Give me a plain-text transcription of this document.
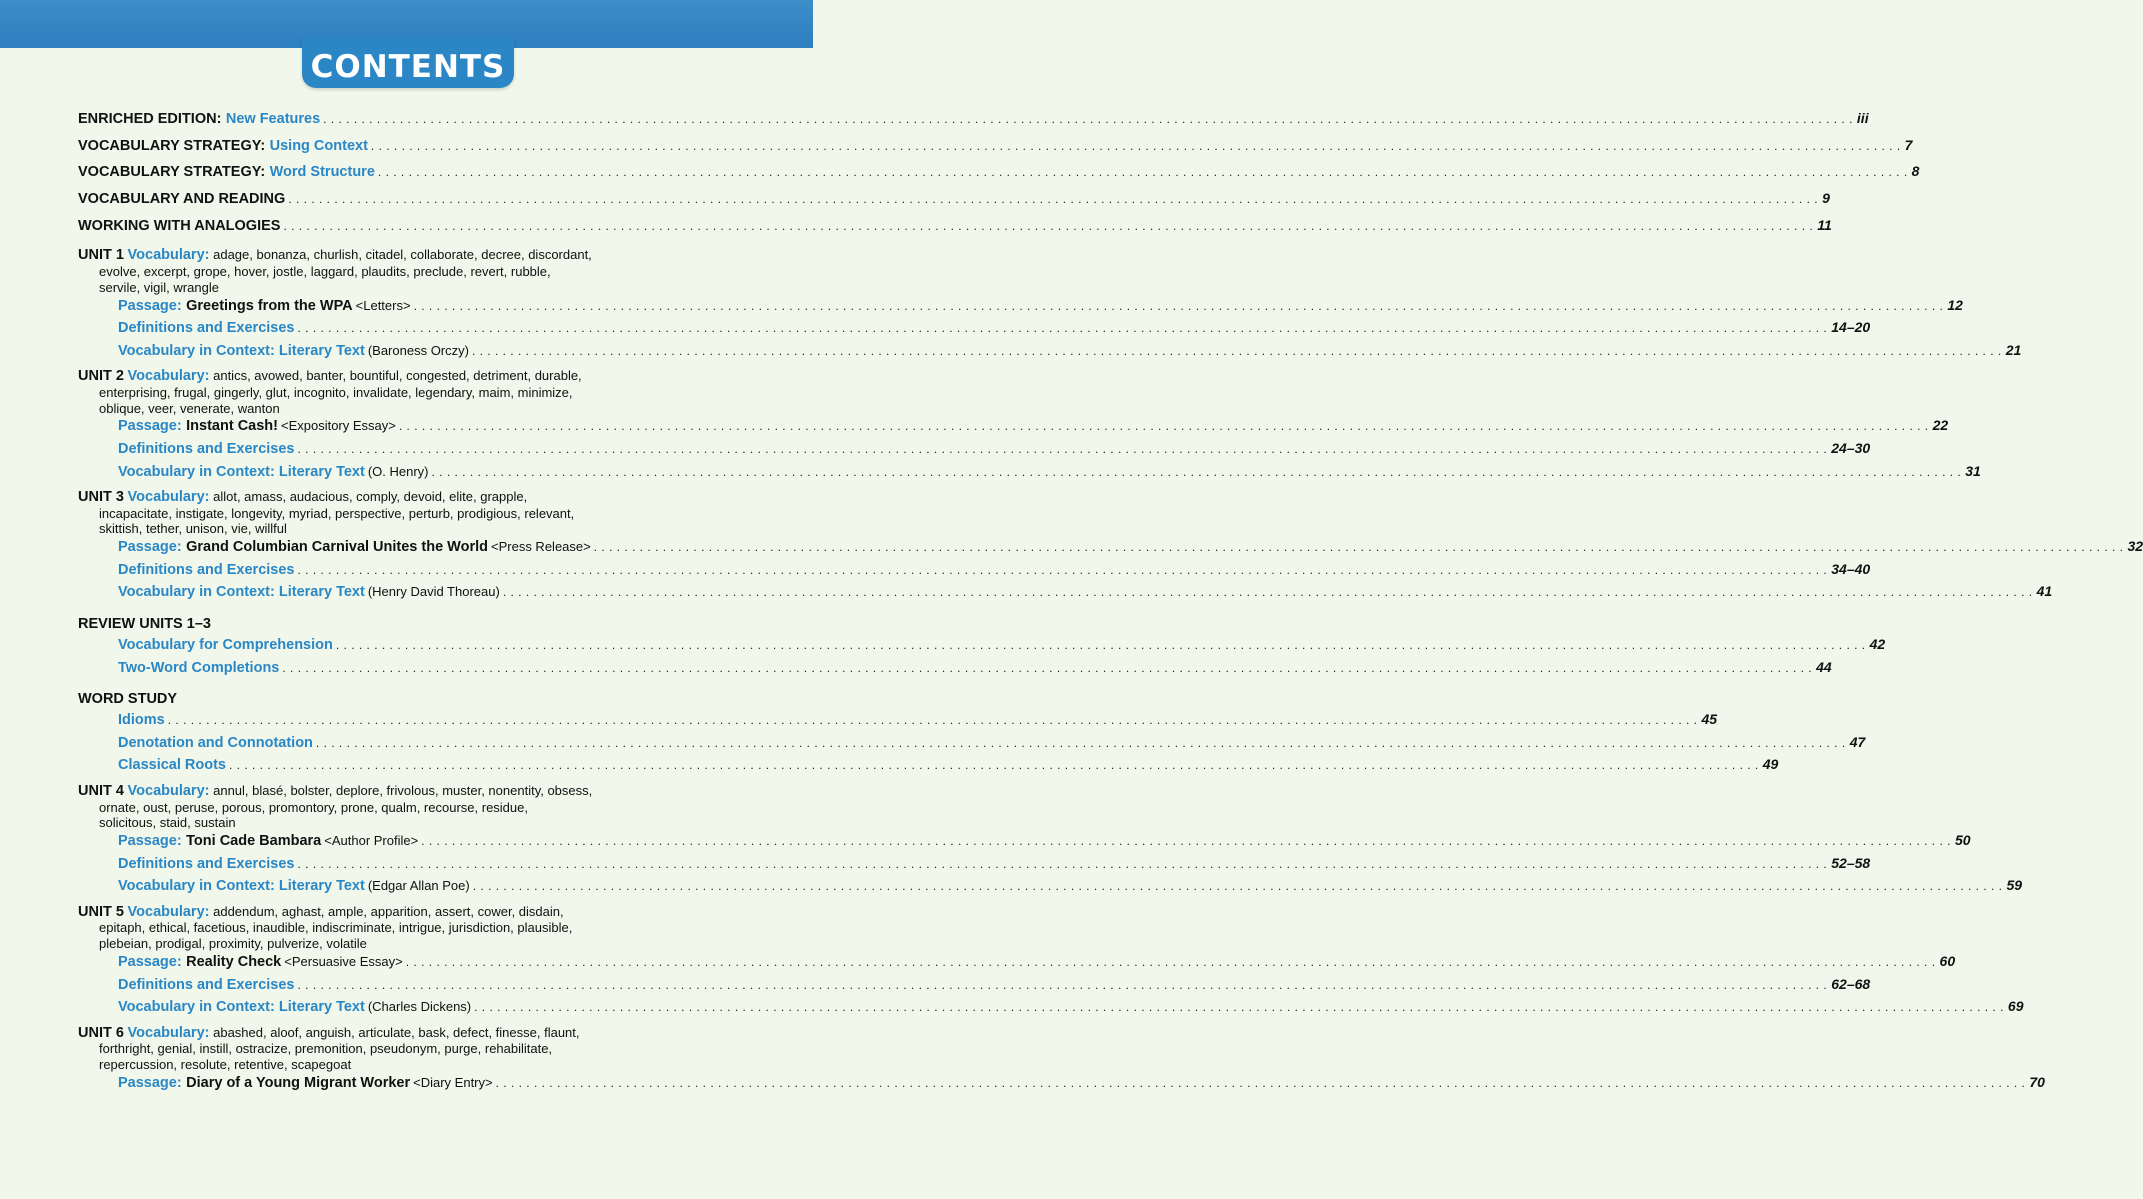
CONTENTS
ENRICHED EDITION:
New Features . . . . . . . . . . . . . . . . . . . . . . . . . . . . . . . . . . . . . . . . . . . . . . . . . . . . . . . . . . . . . . . . . . . . . . . . . . . . . . . . . . . . . . . . . . . . . . . . . . . . . . . . . . . . . . . . . . . . . . . . . . . . . . . . . . . . . . . . . . . . . . . . . . . . . . . . . . . . . . . . . . . . . . . . . . . . . . . . . . . . . . . . . . . . . . . . . . . . . . . . iii
VOCABULARY STRATEGY:
Using Context . . . . . . . . . . . . . . . . . . . . . . . . . . . . . . . . . . . . . . . . . . . . . . . . . . . . . . . . . . . . . . . . . . . . . . . . . . . . . . . . . . . . . . . . . . . . . . . . . . . . . . . . . . . . . . . . . . . . . . . . . . . . . . . . . . . . . . . . . . . . . . . . . . . . . . . . . . . . . . . . . . . . . . . . . . . . . . . . . . . . . . . . . . . . . . . . . . . . . . . . 7
VOCABULARY STRATEGY:
Word Structure . . . . . . . . . . . . . . . . . . . . . . . . . . . . . . . . . . . . . . . . . . . . . . . . . . . . . . . . . . . . . . . . . . . . . . . . . . . . . . . . . . . . . . . . . . . . . . . . . . . . . . . . . . . . . . . . . . . . . . . . . . . . . . . . . . . . . . . . . . . . . . . . . . . . . . . . . . . . . . . . . . . . . . . . . . . . . . . . . . . . . . . . . . . . . . . . . . . . . . . . 8
VOCABULARY AND READING . . . . . . . . . . . . . . . . . . . . . . . . . . . . . . . . . . . . . . . . . . . . . . . . . . . . . . . . . . . . . . . . . . . . . . . . . . . . . . . . . . . . . . . . . . . . . . . . . . . . . . . . . . . . . . . . . . . . . . . . . . . . . . . . . . . . . . . . . . . . . . . . . . . . . . . . . . . . . . . . . . . . . . . . . . . . . . . . . . . . . . . . . . . . . . . . . . . . . . . . 9
WORKING WITH ANALOGIES . . . . . . . . . . . . . . . . . . . . . . . . . . . . . . . . . . . . . . . . . . . . . . . . . . . . . . . . . . . . . . . . . . . . . . . . . . . . . . . . . . . . . . . . . . . . . . . . . . . . . . . . . . . . . . . . . . . . . . . . . . . . . . . . . . . . . . . . . . . . . . . . . . . . . . . . . . . . . . . . . . . . . . . . . . . . . . . . . . . . . . . . . . . . . . . . . . . . . . . . 11
UNIT 1 Vocabulary: adage, bonanza, churlish, citadel, collaborate, decree, discordant,
evolve, excerpt, grope, hover, jostle, laggard, plaudits, preclude, revert, rubble,
servile, vigil, wrangle
Passage:
Greetings from the WPA <Letters> . . . . . . . . . . . . . . . . . . . . . . . . . . . . . . . . . . . . . . . . . . . . . . . . . . . . . . . . . . . . . . . . . . . . . . . . . . . . . . . . . . . . . . . . . . . . . . . . . . . . . . . . . . . . . . . . . . . . . . . . . . . . . . . . . . . . . . . . . . . . . . . . . . . . . . . . . . . . . . . . . . . . . . . . . . . . . . . . . . . . . . . . . . . . . . . . . . . . . . . . 12
Definitions and Exercises . . . . . . . . . . . . . . . . . . . . . . . . . . . . . . . . . . . . . . . . . . . . . . . . . . . . . . . . . . . . . . . . . . . . . . . . . . . . . . . . . . . . . . . . . . . . . . . . . . . . . . . . . . . . . . . . . . . . . . . . . . . . . . . . . . . . . . . . . . . . . . . . . . . . . . . . . . . . . . . . . . . . . . . . . . . . . . . . . . . . . . . . . . . . . . . . . . . . . . . . 14–20
Vocabulary in Context: Literary Text (Baroness Orczy) . . . . . . . . . . . . . . . . . . . . . . . . . . . . . . . . . . . . . . . . . . . . . . . . . . . . . . . . . . . . . . . . . . . . . . . . . . . . . . . . . . . . . . . . . . . . . . . . . . . . . . . . . . . . . . . . . . . . . . . . . . . . . . . . . . . . . . . . . . . . . . . . . . . . . . . . . . . . . . . . . . . . . . . . . . . . . . . . . . . . . . . . . . . . . . . . . . . . . . . . 21
UNIT 2 Vocabulary: antics, avowed, banter, bountiful, congested, detriment, durable,
enterprising, frugal, gingerly, glut, incognito, invalidate, legendary, maim, minimize,
oblique, veer, venerate, wanton
Passage:
Instant Cash! <Expository Essay> . . . . . . . . . . . . . . . . . . . . . . . . . . . . . . . . . . . . . . . . . . . . . . . . . . . . . . . . . . . . . . . . . . . . . . . . . . . . . . . . . . . . . . . . . . . . . . . . . . . . . . . . . . . . . . . . . . . . . . . . . . . . . . . . . . . . . . . . . . . . . . . . . . . . . . . . . . . . . . . . . . . . . . . . . . . . . . . . . . . . . . . . . . . . . . . . . . . . . . . . 22
Definitions and Exercises . . . . . . . . . . . . . . . . . . . . . . . . . . . . . . . . . . . . . . . . . . . . . . . . . . . . . . . . . . . . . . . . . . . . . . . . . . . . . . . . . . . . . . . . . . . . . . . . . . . . . . . . . . . . . . . . . . . . . . . . . . . . . . . . . . . . . . . . . . . . . . . . . . . . . . . . . . . . . . . . . . . . . . . . . . . . . . . . . . . . . . . . . . . . . . . . . . . . . . . . 24–30
Vocabulary in Context: Literary Text (O. Henry) . . . . . . . . . . . . . . . . . . . . . . . . . . . . . . . . . . . . . . . . . . . . . . . . . . . . . . . . . . . . . . . . . . . . . . . . . . . . . . . . . . . . . . . . . . . . . . . . . . . . . . . . . . . . . . . . . . . . . . . . . . . . . . . . . . . . . . . . . . . . . . . . . . . . . . . . . . . . . . . . . . . . . . . . . . . . . . . . . . . . . . . . . . . . . . . . . . . . . . . . 31
UNIT 3 Vocabulary: allot, amass, audacious, comply, devoid, elite, grapple,
incapacitate, instigate, longevity, myriad, perspective, perturb, prodigious, relevant,
skittish, tether, unison, vie, willful
Passage:
Grand Columbian Carnival Unites the World <Press Release> . . . . . . . . . . . . . . . . . . . . . . . . . . . . . . . . . . . . . . . . . . . . . . . . . . . . . . . . . . . . . . . . . . . . . . . . . . . . . . . . . . . . . . . . . . . . . . . . . . . . . . . . . . . . . . . . . . . . . . . . . . . . . . . . . . . . . . . . . . . . . . . . . . . . . . . . . . . . . . . . . . . . . . . . . . . . . . . . . . . . . . . . . . . . . . . . . . . . . . . . 32
Definitions and Exercises . . . . . . . . . . . . . . . . . . . . . . . . . . . . . . . . . . . . . . . . . . . . . . . . . . . . . . . . . . . . . . . . . . . . . . . . . . . . . . . . . . . . . . . . . . . . . . . . . . . . . . . . . . . . . . . . . . . . . . . . . . . . . . . . . . . . . . . . . . . . . . . . . . . . . . . . . . . . . . . . . . . . . . . . . . . . . . . . . . . . . . . . . . . . . . . . . . . . . . . . 34–40
Vocabulary in Context: Literary Text (Henry David Thoreau) . . . . . . . . . . . . . . . . . . . . . . . . . . . . . . . . . . . . . . . . . . . . . . . . . . . . . . . . . . . . . . . . . . . . . . . . . . . . . . . . . . . . . . . . . . . . . . . . . . . . . . . . . . . . . . . . . . . . . . . . . . . . . . . . . . . . . . . . . . . . . . . . . . . . . . . . . . . . . . . . . . . . . . . . . . . . . . . . . . . . . . . . . . . . . . . . . . . . . . . . 41
REVIEW UNITS 1–3
Vocabulary for Comprehension . . . . . . . . . . . . . . . . . . . . . . . . . . . . . . . . . . . . . . . . . . . . . . . . . . . . . . . . . . . . . . . . . . . . . . . . . . . . . . . . . . . . . . . . . . . . . . . . . . . . . . . . . . . . . . . . . . . . . . . . . . . . . . . . . . . . . . . . . . . . . . . . . . . . . . . . . . . . . . . . . . . . . . . . . . . . . . . . . . . . . . . . . . . . . . . . . . . . . . . . 42
Two-Word Completions . . . . . . . . . . . . . . . . . . . . . . . . . . . . . . . . . . . . . . . . . . . . . . . . . . . . . . . . . . . . . . . . . . . . . . . . . . . . . . . . . . . . . . . . . . . . . . . . . . . . . . . . . . . . . . . . . . . . . . . . . . . . . . . . . . . . . . . . . . . . . . . . . . . . . . . . . . . . . . . . . . . . . . . . . . . . . . . . . . . . . . . . . . . . . . . . . . . . . . . . 44
WORD STUDY
Idioms . . . . . . . . . . . . . . . . . . . . . . . . . . . . . . . . . . . . . . . . . . . . . . . . . . . . . . . . . . . . . . . . . . . . . . . . . . . . . . . . . . . . . . . . . . . . . . . . . . . . . . . . . . . . . . . . . . . . . . . . . . . . . . . . . . . . . . . . . . . . . . . . . . . . . . . . . . . . . . . . . . . . . . . . . . . . . . . . . . . . . . . . . . . . . . . . . . . . . . . . 45
Denotation and Connotation . . . . . . . . . . . . . . . . . . . . . . . . . . . . . . . . . . . . . . . . . . . . . . . . . . . . . . . . . . . . . . . . . . . . . . . . . . . . . . . . . . . . . . . . . . . . . . . . . . . . . . . . . . . . . . . . . . . . . . . . . . . . . . . . . . . . . . . . . . . . . . . . . . . . . . . . . . . . . . . . . . . . . . . . . . . . . . . . . . . . . . . . . . . . . . . . . . . . . . . . 47
Classical Roots . . . . . . . . . . . . . . . . . . . . . . . . . . . . . . . . . . . . . . . . . . . . . . . . . . . . . . . . . . . . . . . . . . . . . . . . . . . . . . . . . . . . . . . . . . . . . . . . . . . . . . . . . . . . . . . . . . . . . . . . . . . . . . . . . . . . . . . . . . . . . . . . . . . . . . . . . . . . . . . . . . . . . . . . . . . . . . . . . . . . . . . . . . . . . . . . . . . . . . . . 49
UNIT 4 Vocabulary: annul, blasé, bolster, deplore, frivolous, muster, nonentity, obsess,
ornate, oust, peruse, porous, promontory, prone, qualm, recourse, residue,
solicitous, staid, sustain
Passage:
Toni Cade Bambara <Author Profile> . . . . . . . . . . . . . . . . . . . . . . . . . . . . . . . . . . . . . . . . . . . . . . . . . . . . . . . . . . . . . . . . . . . . . . . . . . . . . . . . . . . . . . . . . . . . . . . . . . . . . . . . . . . . . . . . . . . . . . . . . . . . . . . . . . . . . . . . . . . . . . . . . . . . . . . . . . . . . . . . . . . . . . . . . . . . . . . . . . . . . . . . . . . . . . . . . . . . . . . . 50
Definitions and Exercises . . . . . . . . . . . . . . . . . . . . . . . . . . . . . . . . . . . . . . . . . . . . . . . . . . . . . . . . . . . . . . . . . . . . . . . . . . . . . . . . . . . . . . . . . . . . . . . . . . . . . . . . . . . . . . . . . . . . . . . . . . . . . . . . . . . . . . . . . . . . . . . . . . . . . . . . . . . . . . . . . . . . . . . . . . . . . . . . . . . . . . . . . . . . . . . . . . . . . . . . 52–58
Vocabulary in Context: Literary Text (Edgar Allan Poe) . . . . . . . . . . . . . . . . . . . . . . . . . . . . . . . . . . . . . . . . . . . . . . . . . . . . . . . . . . . . . . . . . . . . . . . . . . . . . . . . . . . . . . . . . . . . . . . . . . . . . . . . . . . . . . . . . . . . . . . . . . . . . . . . . . . . . . . . . . . . . . . . . . . . . . . . . . . . . . . . . . . . . . . . . . . . . . . . . . . . . . . . . . . . . . . . . . . . . . . . 59
UNIT 5 Vocabulary: addendum, aghast, ample, apparition, assert, cower, disdain,
epitaph, ethical, facetious, inaudible, indiscriminate, intrigue, jurisdiction, plausible,
plebeian, prodigal, proximity, pulverize, volatile
Passage:
Reality Check <Persuasive Essay> . . . . . . . . . . . . . . . . . . . . . . . . . . . . . . . . . . . . . . . . . . . . . . . . . . . . . . . . . . . . . . . . . . . . . . . . . . . . . . . . . . . . . . . . . . . . . . . . . . . . . . . . . . . . . . . . . . . . . . . . . . . . . . . . . . . . . . . . . . . . . . . . . . . . . . . . . . . . . . . . . . . . . . . . . . . . . . . . . . . . . . . . . . . . . . . . . . . . . . . . 60
Definitions and Exercises . . . . . . . . . . . . . . . . . . . . . . . . . . . . . . . . . . . . . . . . . . . . . . . . . . . . . . . . . . . . . . . . . . . . . . . . . . . . . . . . . . . . . . . . . . . . . . . . . . . . . . . . . . . . . . . . . . . . . . . . . . . . . . . . . . . . . . . . . . . . . . . . . . . . . . . . . . . . . . . . . . . . . . . . . . . . . . . . . . . . . . . . . . . . . . . . . . . . . . . . 62–68
Vocabulary in Context: Literary Text (Charles Dickens) . . . . . . . . . . . . . . . . . . . . . . . . . . . . . . . . . . . . . . . . . . . . . . . . . . . . . . . . . . . . . . . . . . . . . . . . . . . . . . . . . . . . . . . . . . . . . . . . . . . . . . . . . . . . . . . . . . . . . . . . . . . . . . . . . . . . . . . . . . . . . . . . . . . . . . . . . . . . . . . . . . . . . . . . . . . . . . . . . . . . . . . . . . . . . . . . . . . . . . . . 69
UNIT 6 Vocabulary: abashed, aloof, anguish, articulate, bask, defect, finesse, flaunt,
forthright, genial, instill, ostracize, premonition, pseudonym, purge, rehabilitate,
repercussion, resolute, retentive, scapegoat
Passage:
Diary of a Young Migrant Worker <Diary Entry> . . . . . . . . . . . . . . . . . . . . . . . . . . . . . . . . . . . . . . . . . . . . . . . . . . . . . . . . . . . . . . . . . . . . . . . . . . . . . . . . . . . . . . . . . . . . . . . . . . . . . . . . . . . . . . . . . . . . . . . . . . . . . . . . . . . . . . . . . . . . . . . . . . . . . . . . . . . . . . . . . . . . . . . . . . . . . . . . . . . . . . . . . . . . . . . . . . . . . . . . 70
